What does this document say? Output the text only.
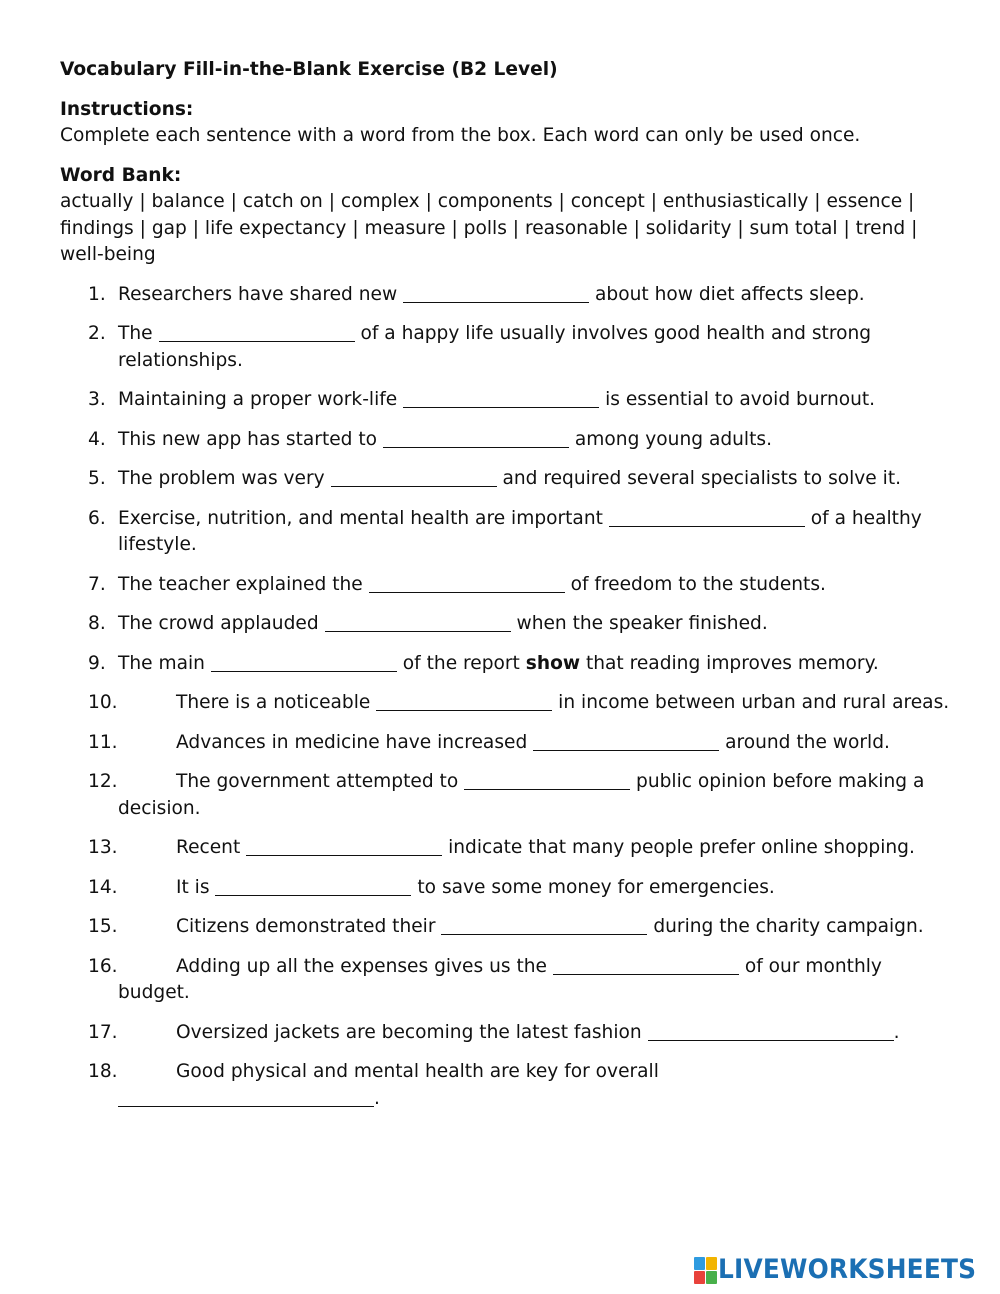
Vocabulary Fill-in-the-Blank Exercise (B2 Level)

Instructions:

Complete each sentence with a word from the box. Each word can only be used once.

Word Bank:

actually | balance | catch on | complex | components | concept | enthusiastically | essence | findings | gap | life expectancy | measure | polls | reasonable | solidarity | sum total | trend | well-being

1. Researchers have shared new	about how diet affects sleep.
2. The	of a happy life usually involves good health and strong relationships.
3. Maintaining a proper work-life	is essential to avoid burnout.
4. This new app has started to	among young adults.
5. The problem was very	and required several specialists to solve it.
6. Exercise, nutrition, and mental health are important	of a healthy lifestyle.
7. The teacher explained the	of freedom to the students.
8. The crowd applauded	when the speaker finished.
9. The main	of the report show that reading improves memory.
10.	There is a noticeable	in income between urban and rural areas.
11.	Advances in medicine have increased	around the world.
12.	The government attempted to	public opinion before making a decision.
13.	Recent	indicate that many people prefer online shopping.
14.	It is	to save some money for emergencies.
15.	Citizens demonstrated their	during the charity campaign.
16.	Adding up all the expenses gives us the	of our monthly budget.
17.	Oversized jackets are becoming the latest fashion	.
18.	Good physical and mental health are key for overall
.
LIVEWORKSHEETS
